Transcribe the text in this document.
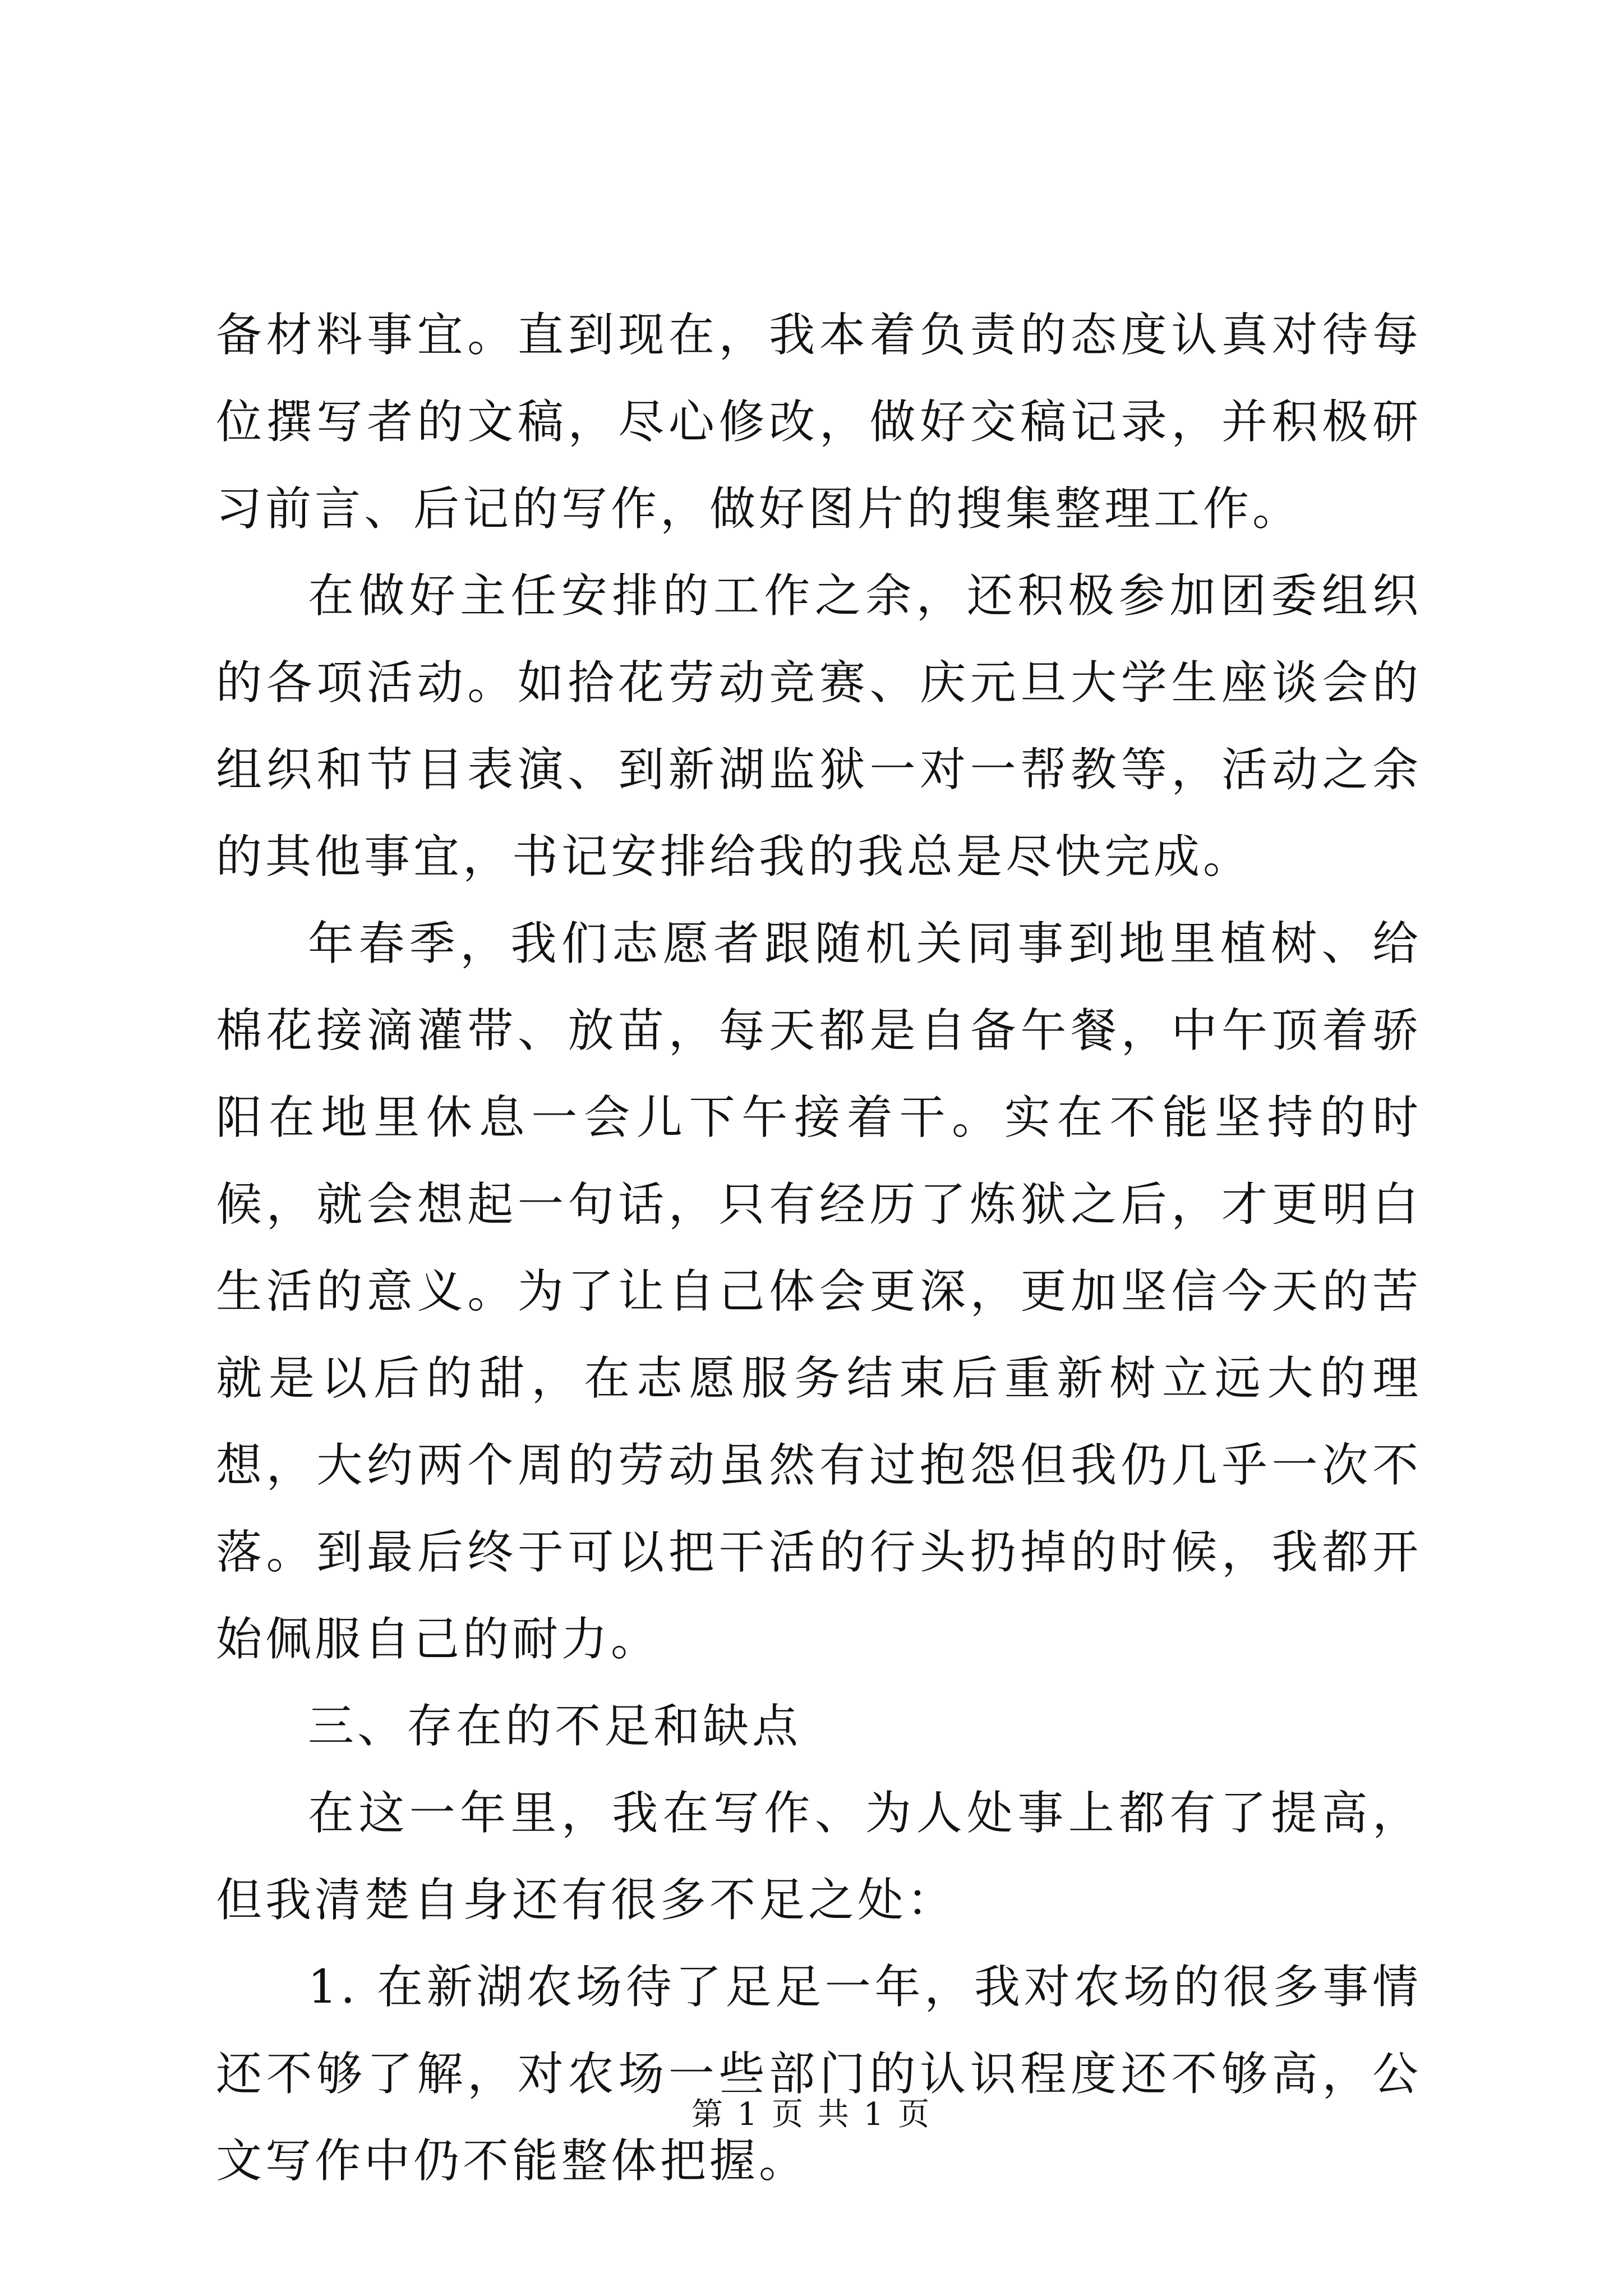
备材料事宜。直到现在，我本着负责的态度认真对待每位撰写者的文稿，尽心修改，做好交稿记录，并积极研习前言、后记的写作，做好图片的搜集整理工作。

在做好主任安排的工作之余，还积极参加团委组织的各项活动。如拾花劳动竞赛、庆元旦大学生座谈会的组织和节目表演、到新湖监狱一对一帮教等，活动之余的其他事宜，书记安排给我的我总是尽快完成。

年春季，我们志愿者跟随机关同事到地里植树、给棉花接滴灌带、放苗，每天都是自备午餐，中午顶着骄阳在地里休息一会儿下午接着干。实在不能坚持的时候，就会想起一句话，只有经历了炼狱之后，才更明白生活的意义。为了让自己体会更深，更加坚信今天的苦就是以后的甜，在志愿服务结束后重新树立远大的理想，大约两个周的劳动虽然有过抱怨但我仍几乎一次不落。到最后终于可以把干活的行头扔掉的时候，我都开始佩服自己的耐力。

三、存在的不足和缺点

在这一年里，我在写作、为人处事上都有了提高，但我清楚自身还有很多不足之处：

1. 在新湖农场待了足足一年，我对农场的很多事情还不够了解，对农场一些部门的认识程度还不够高，公文写作中仍不能整体把握。

第 1 页 共 1 页
